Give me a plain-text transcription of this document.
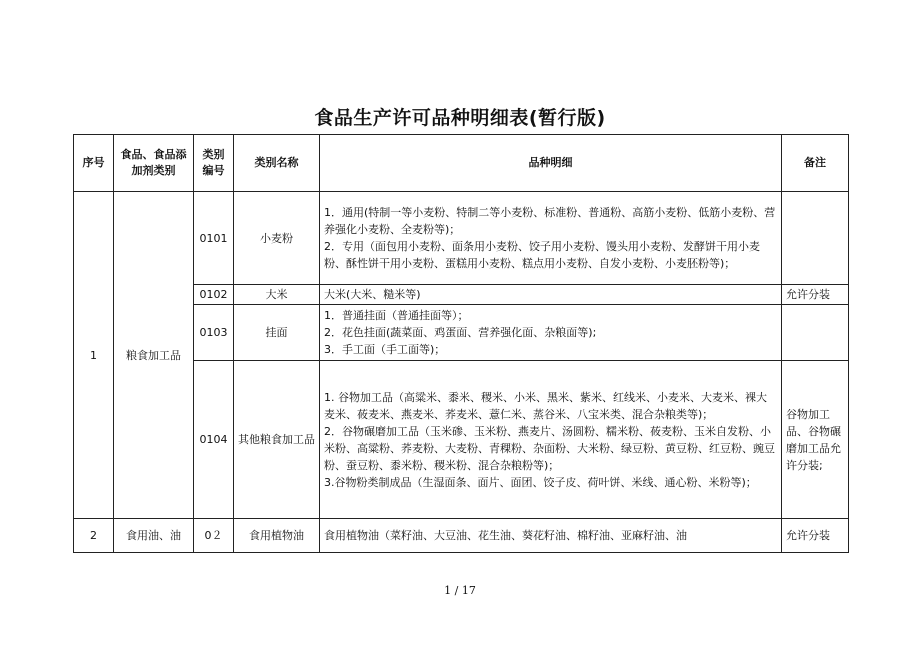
食品生产许可品种明细表(暂行版)
序号	食品、食品添加剂类别	类别编号	类别名称	品种明细	备注
1	粮食加工品	0101	小麦粉	1．通用(特制一等小麦粉、特制二等小麦粉、标准粉、普通粉、高筋小麦粉、低筋小麦粉、营养强化小麦粉、全麦粉等)；
2．专用（面包用小麦粉、面条用小麦粉、饺子用小麦粉、馒头用小麦粉、发酵饼干用小麦粉、酥性饼干用小麦粉、蛋糕用小麦粉、糕点用小麦粉、自发小麦粉、小麦胚粉等)；	

		0102	大米	大米(大米、糙米等)	允许分装
		0103	挂面	1．普通挂面（普通挂面等）；
2．花色挂面(蔬菜面、鸡蛋面、营养强化面、杂粮面等);
3．手工面（手工面等)；	

		0104	其他粮食加工品	1. 谷物加工品（高粱米、黍米、稷米、小米、黑米、紫米、红线米、小麦米、大麦米、裸大麦米、莜麦米、燕麦米、荞麦米、薏仁米、蒸谷米、八宝米类、混合杂粮类等)；
2．谷物碾磨加工品（玉米碜、玉米粉、燕麦片、汤圆粉、糯米粉、莜麦粉、玉米自发粉、小米粉、高粱粉、荞麦粉、大麦粉、青稞粉、杂面粉、大米粉、绿豆粉、黄豆粉、红豆粉、豌豆粉、蚕豆粉、黍米粉、稷米粉、混合杂粮粉等)；
3.谷物粉类制成品（生湿面条、面片、面团、饺子皮、荷叶饼、米线、通心粉、米粉等)；	谷物加工品、谷物碾磨加工品允许分装;
2	食用油、油	0２	食用植物油	食用植物油（菜籽油、大豆油、花生油、葵花籽油、棉籽油、亚麻籽油、油	允许分装
1 / 17
